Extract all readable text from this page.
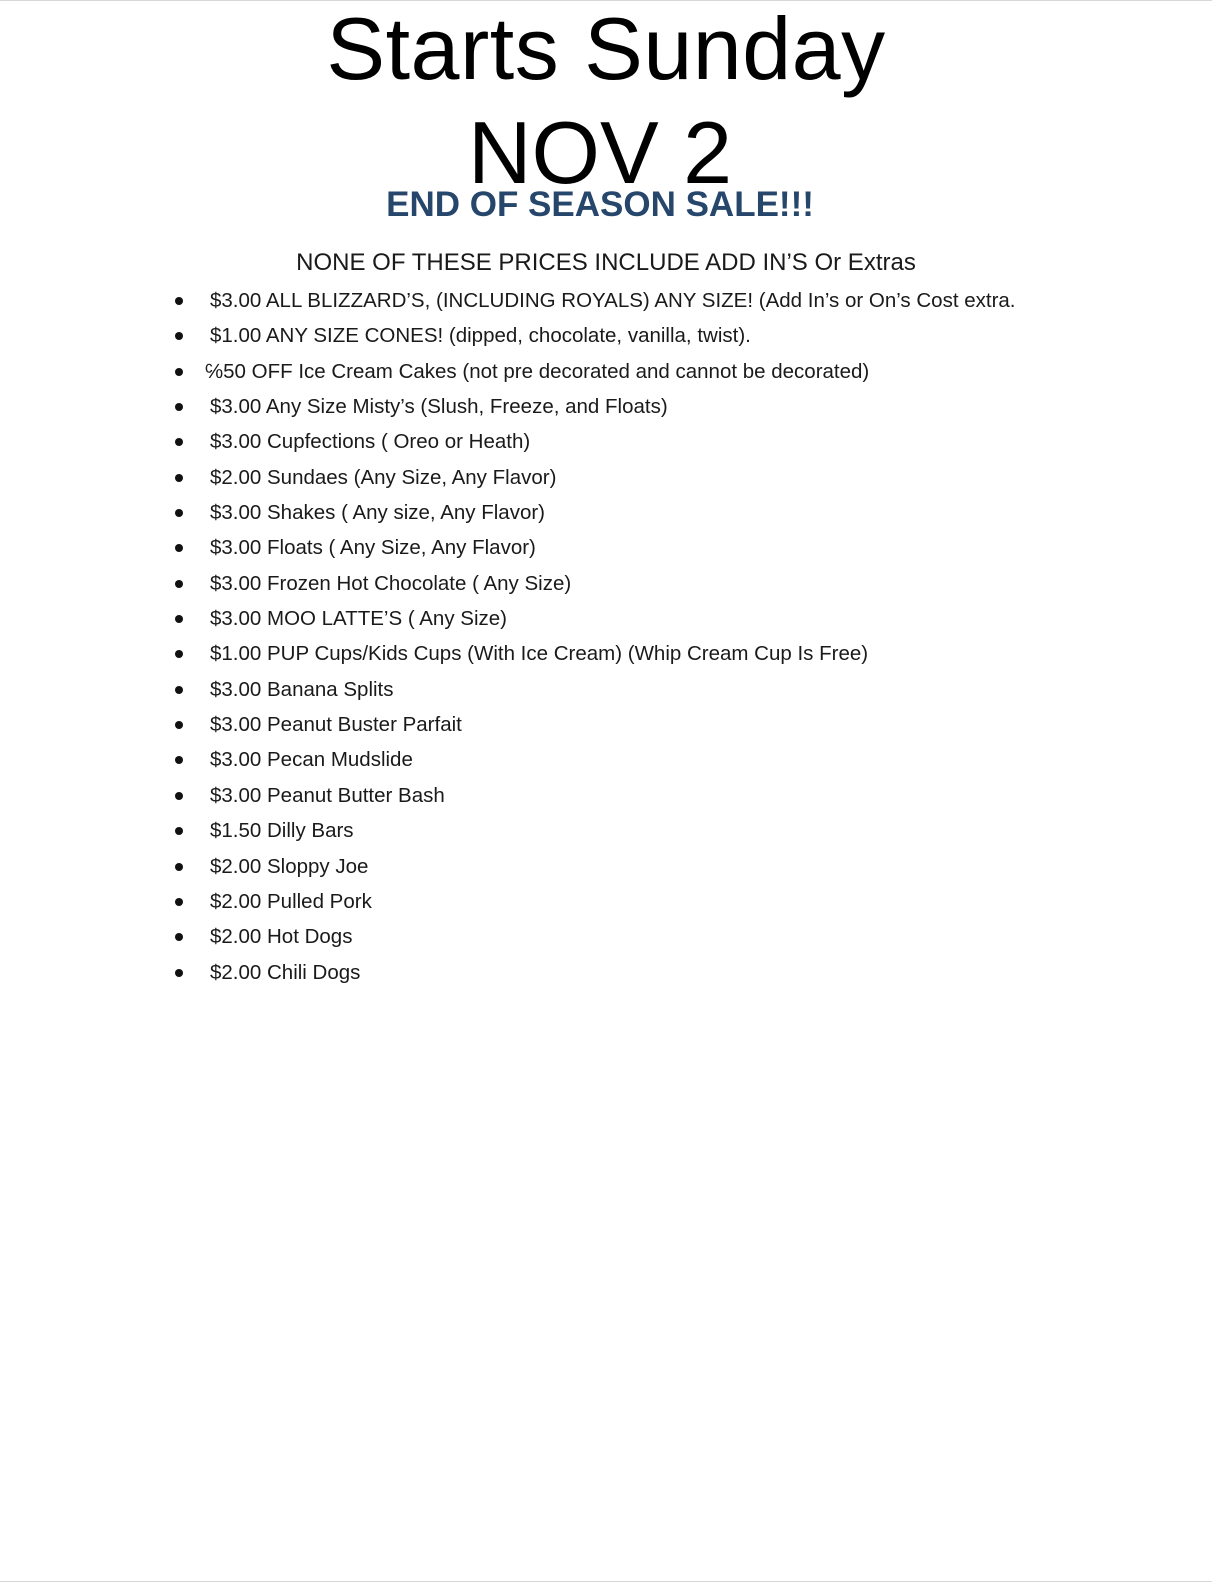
Starts Sunday
NOV 2
END OF SEASON SALE!!!

NONE OF THESE PRICES INCLUDE ADD IN’S Or Extras

$3.00 ALL BLIZZARD’S, (INCLUDING ROYALS) ANY SIZE! (Add In’s or On’s Cost extra.
$1.00 ANY SIZE CONES! (dipped, chocolate, vanilla, twist).
℅50 OFF Ice Cream Cakes (not pre decorated and cannot be decorated)
$3.00 Any Size Misty’s (Slush, Freeze, and Floats)
$3.00 Cupfections ( Oreo or Heath)
$2.00 Sundaes (Any Size, Any Flavor)
$3.00 Shakes ( Any size, Any Flavor)
$3.00 Floats ( Any Size, Any Flavor)
$3.00 Frozen Hot Chocolate ( Any Size)
$3.00 MOO LATTE’S ( Any Size)
$1.00 PUP Cups/Kids Cups (With Ice Cream) (Whip Cream Cup Is Free)
$3.00 Banana Splits
$3.00 Peanut Buster Parfait
$3.00 Pecan Mudslide
$3.00 Peanut Butter Bash
$1.50 Dilly Bars
$2.00 Sloppy Joe
$2.00 Pulled Pork
$2.00 Hot Dogs
$2.00 Chili Dogs
